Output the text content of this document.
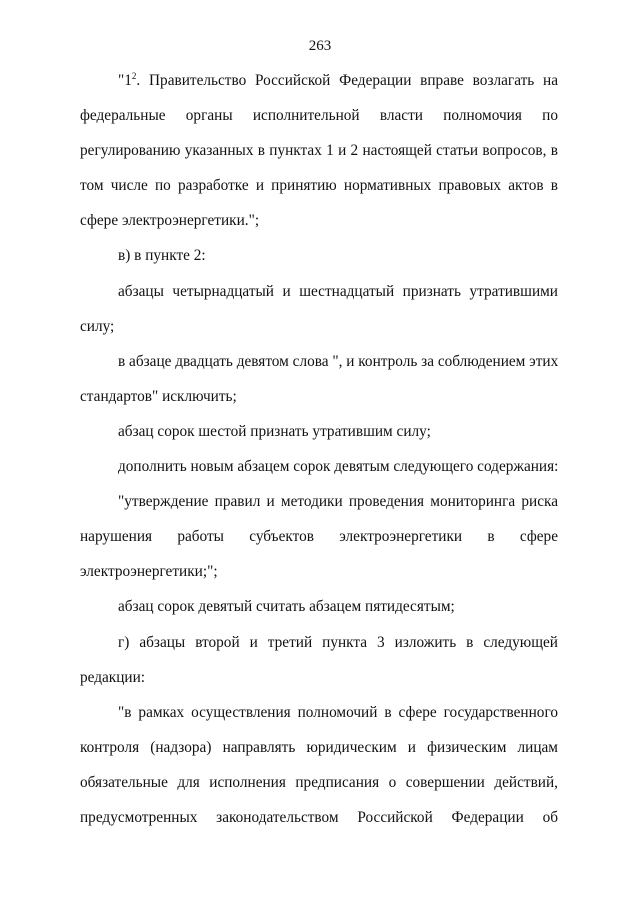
263
"$1^2$. Правительство Российской Федерации вправе возлагать на
федеральные органы исполнительной власти полномочия по
регулированию указанных в пунктах 1 и 2 настоящей статьи вопросов, в
том числе по разработке и принятию нормативных правовых актов в
сфере электроэнергетики.";
в) в пункте 2:
абзацы четырнадцатый и шестнадцатый признать утратившими
силу;
в абзаце двадцать девятом слова ", и контроль за соблюдением этих
стандартов" исключить;
абзац сорок шестой признать утратившим силу;
дополнить новым абзацем сорок девятым следующего содержания:
"утверждение правил и методики проведения мониторинга риска
нарушения работы субъектов электроэнергетики в сфере
электроэнергетики;";
абзац сорок девятый считать абзацем пятидесятым;
г) абзацы второй и третий пункта 3 изложить в следующей
редакции:
"в рамках осуществления полномочий в сфере государственного
контроля (надзора) направлять юридическим и физическим лицам
обязательные для исполнения предписания о совершении действий,
предусмотренных законодательством Российской Федерации об
